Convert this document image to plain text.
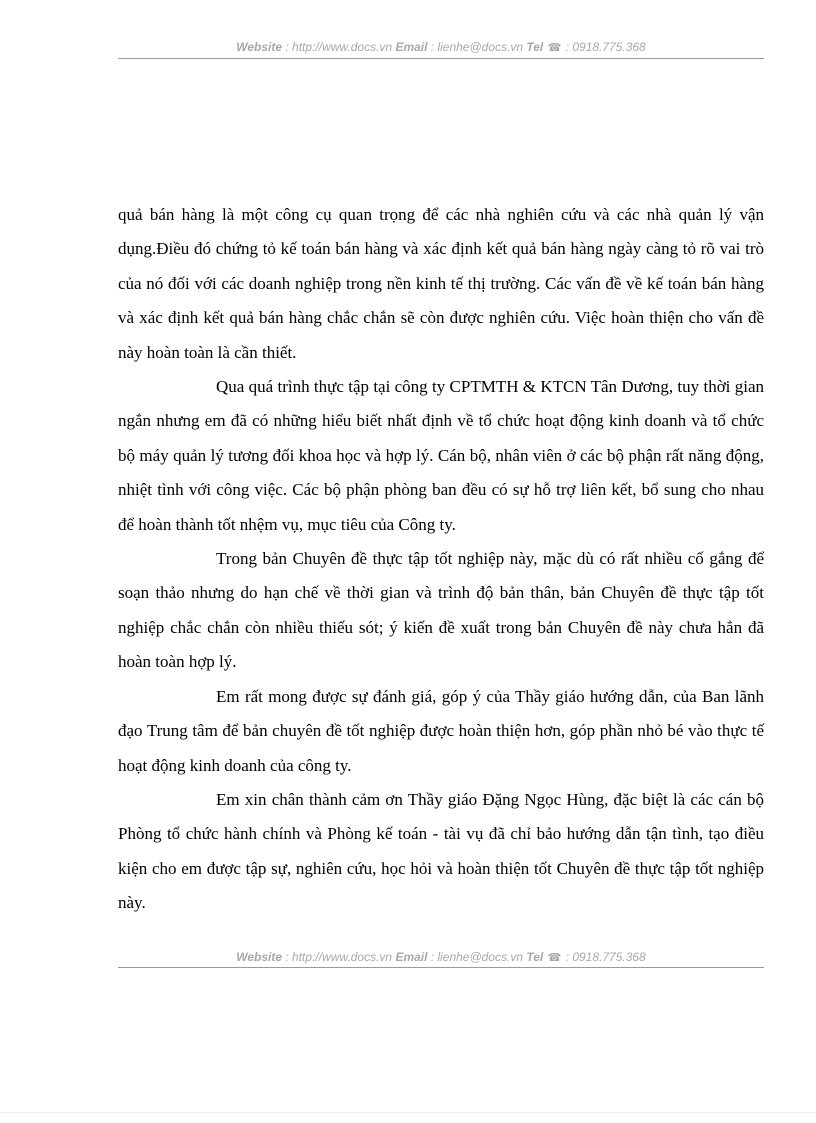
Website : http://www.docs.vn Email : lienhe@docs.vn Tel ☎ : 0918.775.368

quả bán hàng là một công cụ quan trọng để các nhà nghiên cứu và các nhà quản lý vận dụng.Điều đó chứng tỏ kế toán bán hàng và xác định kết quả bán hàng ngày càng tỏ rõ vai trò của nó đối với các doanh nghiệp trong nền kinh tế thị trường. Các vấn đề về kế toán bán hàng và xác định kết quả bán hàng chắc chắn sẽ còn được nghiên cứu. Việc hoàn thiện cho vấn đề này hoàn toàn là cần thiết.

Qua quá trình thực tập tại công ty CPTMTH & KTCN Tân Dương, tuy thời gian ngắn nhưng em đã có những hiểu biết nhất định về tổ chức hoạt động kinh doanh và tổ chức bộ máy quản lý tương đối khoa học và hợp lý. Cán bộ, nhân viên ở các bộ phận rất năng động, nhiệt tình với công việc. Các bộ phận phòng ban đều có sự hỗ trợ liên kết, bổ sung cho nhau để hoàn thành tốt nhệm vụ, mục tiêu của Công ty.

Trong bản Chuyên đề thực tập tốt nghiệp này, mặc dù có rất nhiều cố gắng để soạn thảo nhưng do hạn chế về thời gian và trình độ bản thân, bản Chuyên đề thực tập tốt nghiệp chắc chắn còn nhiều thiếu sót; ý kiến đề xuất trong bản Chuyên đề này chưa hẳn đã hoàn toàn hợp lý.

Em rất mong được sự đánh giá, góp ý của Thầy giáo hướng dẫn, của Ban lãnh đạo Trung tâm để bản chuyên đề tốt nghiệp được hoàn thiện hơn, góp phần nhỏ bé vào thực tế hoạt động kinh doanh của công ty.

Em xin chân thành cảm ơn Thầy giáo Đặng Ngọc Hùng, đặc biệt là các cán bộ Phòng tổ chức hành chính và Phòng kế toán - tài vụ đã chỉ bảo hướng dẫn tận tình, tạo điều kiện cho em được tập sự, nghiên cứu, học hỏi và hoàn thiện tốt Chuyên đề thực tập tốt nghiệp này.

Website : http://www.docs.vn Email : lienhe@docs.vn Tel ☎ : 0918.775.368
